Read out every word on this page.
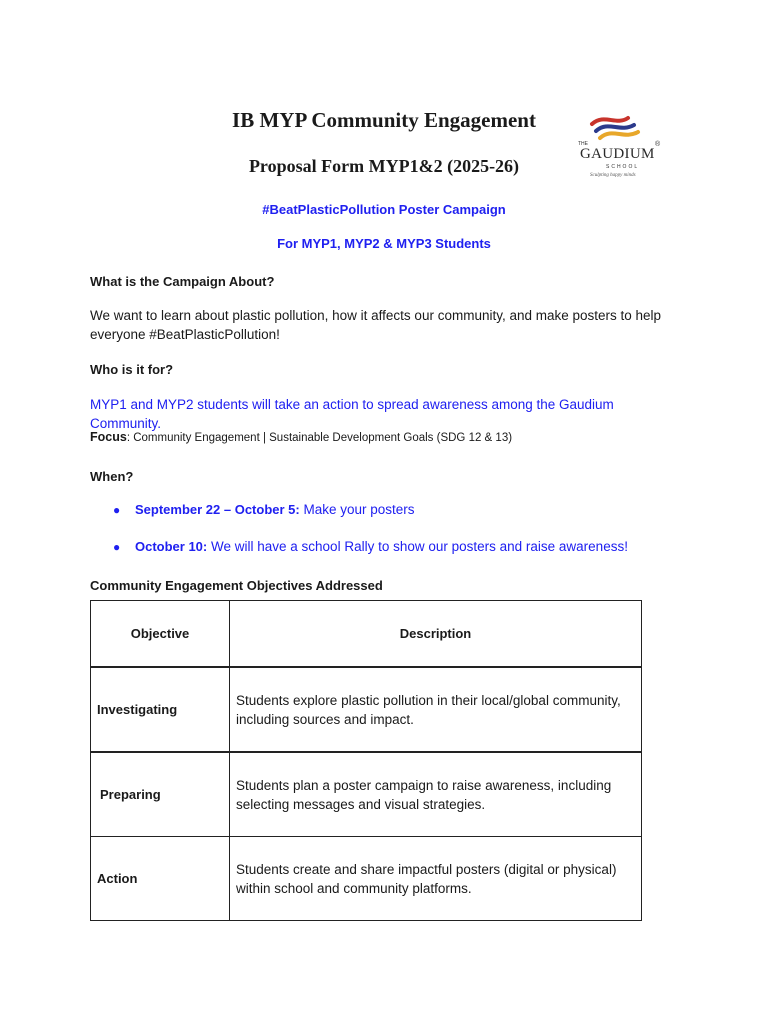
IB MYP Community Engagement
Proposal Form MYP1&2 (2025-26)
THE
GAUDIUM
®
SCHOOL
Sculpting happy minds
#BeatPlasticPollution Poster Campaign
For MYP1, MYP2 & MYP3 Students
What is the Campaign About?
We want to learn about plastic pollution, how it affects our community, and make posters to help everyone #BeatPlasticPollution!
Who is it for?
MYP1 and MYP2 students will take an action to spread awareness among the Gaudium Community.
Focus: Community Engagement | Sustainable Development Goals (SDG 12 & 13)
When?
● September 22 – October 5: Make your posters
● October 10: We will have a school Rally to show our posters and raise awareness!
Community Engagement Objectives Addressed
Objective	Description
Investigating	Students explore plastic pollution in their local/global community, including sources and impact.
Preparing	Students plan a poster campaign to raise awareness, including selecting messages and visual strategies.
Action	Students create and share impactful posters (digital or physical) within school and community platforms.
